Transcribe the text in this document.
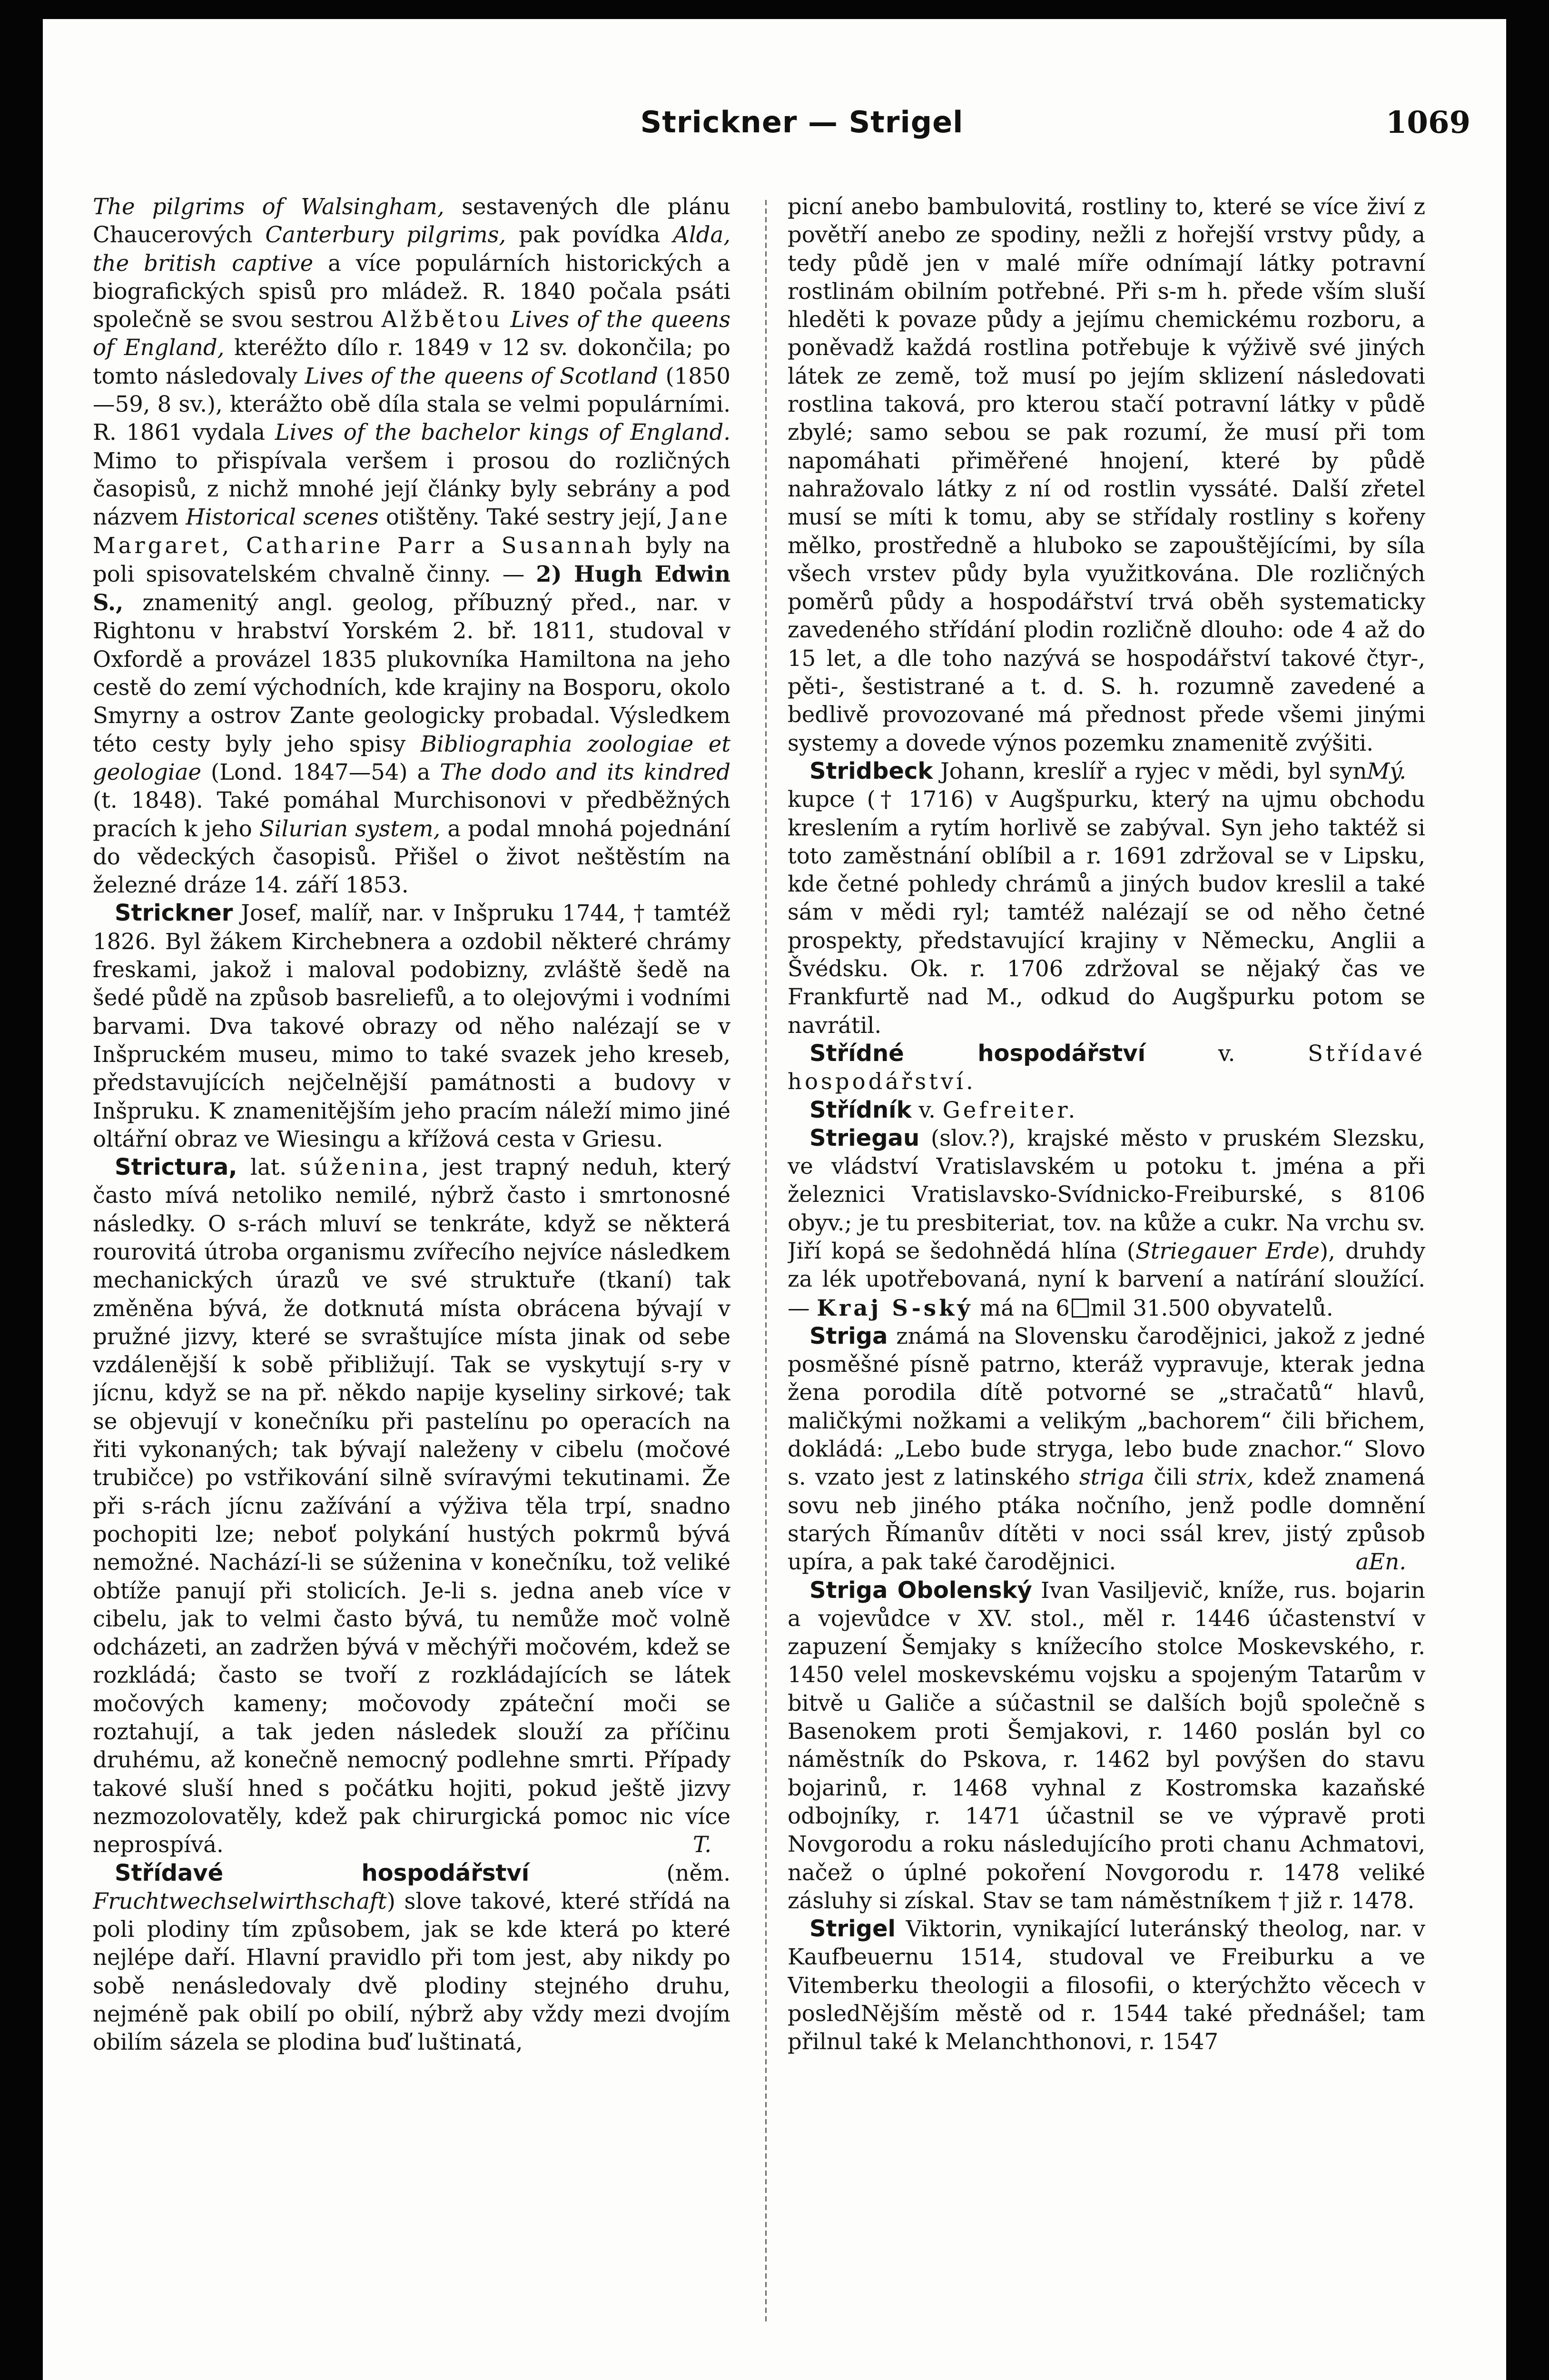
Strickner — Strigel	1069

The pilgrims of Walsingham, sestavených dle plánu Chaucerových Canterbury pilgrims, pak povídka Alda, the british captive a více populárních historických a biografických spisů pro mládež. R. 1840 počala psáti společně se svou sestrou Alžbětou Lives of the queens of England, kteréžto dílo r. 1849 v 12 sv. dokončila; po tomto následovaly Lives of the queens of Scotland (1850—59, 8 sv.), kterážto obě díla stala se velmi populárními. R. 1861 vydala Lives of the bachelor kings of England. Mimo to přispívala veršem i prosou do rozličných časopisů, z nichž mnohé její články byly sebrány a pod názvem Historical scenes otištěny. Také sestry její, Jane Margaret, Catharine Parr a Susannah byly na poli spisovatelském chvalně činny. — 2) Hugh Edwin S., znamenitý angl. geolog, příbuzný před., nar. v Rightonu v hrabství Yorském 2. bř. 1811, studoval v Oxfordě a provázel 1835 plukovníka Hamiltona na jeho cestě do zemí východních, kde krajiny na Bosporu, okolo Smyrny a ostrov Zante geologicky probadal. Výsledkem této cesty byly jeho spisy Bibliographia zoologiae et geologiae (Lond. 1847—54) a The dodo and its kindred (t. 1848). Také pomáhal Murchisonovi v předběžných pracích k jeho Silurian system, a podal mnohá pojednání do vědeckých časopisů. Přišel o život neštěstím na železné dráze 14. září 1853.

Strickner Josef, malíř, nar. v Inšpruku 1744, † tamtéž 1826. Byl žákem Kirchebnera a ozdobil některé chrámy freskami, jakož i maloval podobizny, zvláště šedě na šedé půdě na způsob basreliefů, a to olejovými i vodními barvami. Dva takové obrazy od něho nalézají se v Inšpruckém museu, mimo to také svazek jeho kreseb, představujících nejčelnější památnosti a budovy v Inšpruku. K znamenitějším jeho pracím náleží mimo jiné oltářní obraz ve Wiesingu a křížová cesta v Griesu.

Strictura, lat. súženina, jest trapný neduh, který často mívá netoliko nemilé, nýbrž často i smrtonosné následky. O s-rách mluví se tenkráte, když se některá rourovitá útroba organismu zvířecího nejvíce následkem mechanických úrazů ve své struktuře (tkaní) tak změněna bývá, že dotknutá místa obrácena bývají v pružné jizvy, které se svraštujíce místa jinak od sebe vzdálenější k sobě přibližují. Tak se vyskytují s-ry v jícnu, když se na př. někdo napije kyseliny sirkové; tak se objevují v konečníku při pastelínu po operacích na řiti vykonaných; tak bývají naleženy v cibelu (močové trubičce) po vstřikování silně svíravými tekutinami. Že při s-rách jícnu zažívání a výživa těla trpí, snadno pochopiti lze; neboť polykání hustých pokrmů bývá nemožné. Nachází-li se súženina v konečníku, tož veliké obtíže panují při stolicích. Je-li s. jedna aneb více v cibelu, jak to velmi často bývá, tu nemůže moč volně odcházeti, an zadržen bývá v měchýři močovém, kdež se rozkládá; často se tvoří z rozkládajících se látek močových kameny; močovody zpáteční moči se roztahují, a tak jeden následek slouží za příčinu druhému, až konečně nemocný podlehne smrti. Případy takové sluší hned s počátku hojiti, pokud ještě jizvy nezmozolovatěly, kdež pak chirurgická pomoc nic více neprospívá.	T.

Střídavé hospodářství (něm. Fruchtwechselwirthschaft) slove takové, které střídá na poli plodiny tím způsobem, jak se kde která po které nejlépe daří. Hlavní pravidlo při tom jest, aby nikdy po sobě nenásledovaly dvě plodiny stejného druhu, nejméně pak obilí po obilí, nýbrž aby vždy mezi dvojím obilím sázela se plodina buď luštinatá,

picní anebo bambulovitá, rostliny to, které se více živí z povětří anebo ze spodiny, nežli z hořejší vrstvy půdy, a tedy půdě jen v malé míře odnímají látky potravní rostlinám obilním potřebné. Při s-m h. přede vším sluší hleděti k povaze půdy a jejímu chemickému rozboru, a poněvadž každá rostlina potřebuje k výživě své jiných látek ze země, tož musí po jejím sklizení následovati rostlina taková, pro kterou stačí potravní látky v půdě zbylé; samo sebou se pak rozumí, že musí při tom napomáhati přiměřené hnojení, které by půdě nahražovalo látky z ní od rostlin vyssáté. Další zřetel musí se míti k tomu, aby se střídaly rostliny s kořeny mělko, prostředně a hluboko se zapouštějícími, by síla všech vrstev půdy byla využitkována. Dle rozličných poměrů půdy a hospodářství trvá oběh systematicky zavedeného střídání plodin rozličně dlouho: ode 4 až do 15 let, a dle toho nazývá se hospodářství takové čtyr-, pěti-, šestistrané a t. d. S. h. rozumně zavedené a bedlivě provozované má přednost přede všemi jinými systemy a dovede výnos pozemku znamenitě zvýšiti.
Mý.

Stridbeck Johann, kreslíř a ryjec v mědi, byl syn kupce († 1716) v Augšpurku, který na ujmu obchodu kreslením a rytím horlivě se zabýval. Syn jeho taktéž si toto zaměstnání oblíbil a r. 1691 zdržoval se v Lipsku, kde četné pohledy chrámů a jiných budov kreslil a také sám v mědi ryl; tamtéž nalézají se od něho četné prospekty, představující krajiny v Německu, Anglii a Švédsku. Ok. r. 1706 zdržoval se nějaký čas ve Frankfurtě nad M., odkud do Augšpurku potom se navrátil.

Střídné hospodářství v. Střídavé hospodářství.

Střídník v. Gefreiter.

Striegau (slov.?), krajské město v pruském Slezsku, ve vládství Vratislavském u potoku t. jména a při železnici Vratislavsko-Svídnicko-Freiburské, s 8106 obyv.; je tu presbiteriat, tov. na kůže a cukr. Na vrchu sv. Jiří kopá se šedohnědá hlína (Striegauer Erde), druhdy za lék upotřebovaná, nyní k barvení a natírání sloužící. — Kraj S-ský má na 6 mil 31.500 obyvatelů.

Striga známá na Slovensku čarodějnici, jakož z jedné posměšné písně patrno, kteráž vypravuje, kterak jedna žena porodila dítě potvorné se „stračatů“ hlavů, maličkými nožkami a velikým „bachorem“ čili břichem, dokládá: „Lebo bude stryga, lebo bude znachor.“ Slovo s. vzato jest z latinského striga čili strix, kdež znamená sovu neb jiného ptáka nočního, jenž podle domnění starých Římanův dítěti v noci ssál krev, jistý způsob upíra, a pak také čarodějnici.	aEn.

Striga Obolenský Ivan Vasiljevič, kníže, rus. bojarin a vojevůdce v XV. stol., měl r. 1446 účastenství v zapuzení Šemjaky s knížecího stolce Moskevského, r. 1450 velel moskevskému vojsku a spojeným Tatarům v bitvě u Galiče a súčastnil se dalších bojů společně s Basenokem proti Šemjakovi, r. 1460 poslán byl co náměstník do Pskova, r. 1462 byl povýšen do stavu bojarinů, r. 1468 vyhnal z Kostromska kazaňské odbojníky, r. 1471 účastnil se ve výpravě proti Novgorodu a roku následujícího proti chanu Achmatovi, načež o úplné pokoření Novgorodu r. 1478 veliké zásluhy si získal. Stav se tam náměstníkem † již r. 1478.

Strigel Viktorin, vynikající luteránský theolog, nar. v Kaufbeuernu 1514, studoval ve Freiburku a ve Vitemberku theologii a filosofii, o kterýchžto věcech v posledNějším městě od r. 1544 také přednášel; tam přilnul také k Melanchthonovi, r. 1547
